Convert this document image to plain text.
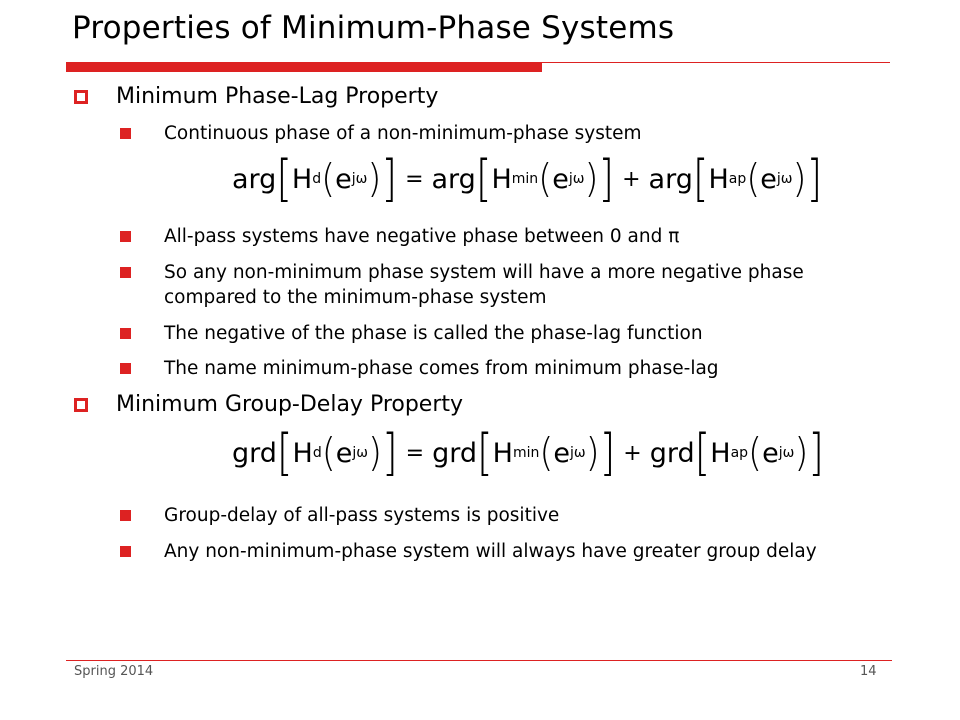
Properties of Minimum-Phase Systems
Minimum Phase-Lag Property
Continuous phase of a non-minimum-phase system
arg [ H d ( e jω ) ] = arg [ H min ( e jω ) ] + arg [ H ap ( e jω ) ]
All-pass systems have negative phase between 0 and π
So any non-minimum phase system will have a more negative phase compared to the minimum-phase system
The negative of the phase is called the phase-lag function
The name minimum-phase comes from minimum phase-lag
Minimum Group-Delay Property
grd [ H d ( e jω ) ] = grd [ H min ( e jω ) ] + grd [ H ap ( e jω ) ]
Group-delay of all-pass systems is positive
Any non-minimum-phase system will always have greater group delay
Spring 2014	14
